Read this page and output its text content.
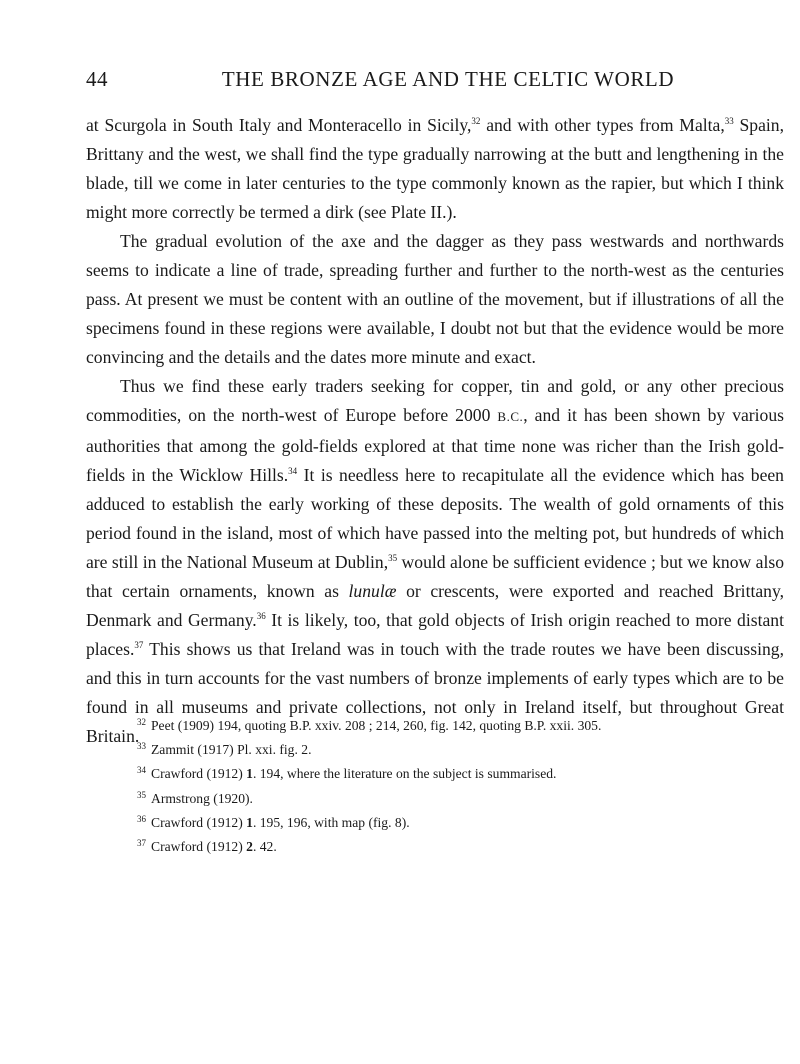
44	THE BRONZE AGE AND THE CELTIC WORLD

at Scurgola in South Italy and Monteracello in Sicily,$^{32}$ and with other types from Malta,$^{33}$ Spain, Brittany and the west, we shall find the type gradually narrowing at the butt and lengthening in the blade, till we come in later centuries to the type commonly known as the rapier, but which I think might more correctly be termed a dirk (see Plate II.).

The gradual evolution of the axe and the dagger as they pass westwards and northwards seems to indicate a line of trade, spreading further and further to the north-west as the centuries pass. At present we must be content with an outline of the movement, but if illustrations of all the specimens found in these regions were available, I doubt not but that the evidence would be more convincing and the details and the dates more minute and exact.

Thus we find these early traders seeking for copper, tin and gold, or any other precious commodities, on the north-west of Europe before 2000 B.C., and it has been shown by various authorities that among the gold-fields explored at that time none was richer than the Irish gold-fields in the Wicklow Hills.$^{34}$ It is needless here to recapitulate all the evidence which has been adduced to establish the early working of these deposits. The wealth of gold ornaments of this period found in the island, most of which have passed into the melting pot, but hundreds of which are still in the National Museum at Dublin,$^{35}$ would alone be sufficient evidence ; but we know also that certain ornaments, known as lunulæ or crescents, were exported and reached Brittany, Denmark and Germany.$^{36}$ It is likely, too, that gold objects of Irish origin reached to more distant places.$^{37}$ This shows us that Ireland was in touch with the trade routes we have been discussing, and this in turn accounts for the vast numbers of bronze implements of early types which are to be found in all museums and private collections, not only in Ireland itself, but throughout Great Britain.

32 Peet (1909) 194, quoting B.P. xxiv. 208 ; 214, 260, fig. 142, quoting B.P. xxii. 305.
33 Zammit (1917) Pl. xxi. fig. 2.
34 Crawford (1912) 1. 194, where the literature on the subject is summarised.
35 Armstrong (1920).
36 Crawford (1912) 1. 195, 196, with map (fig. 8).
37 Crawford (1912) 2. 42.
